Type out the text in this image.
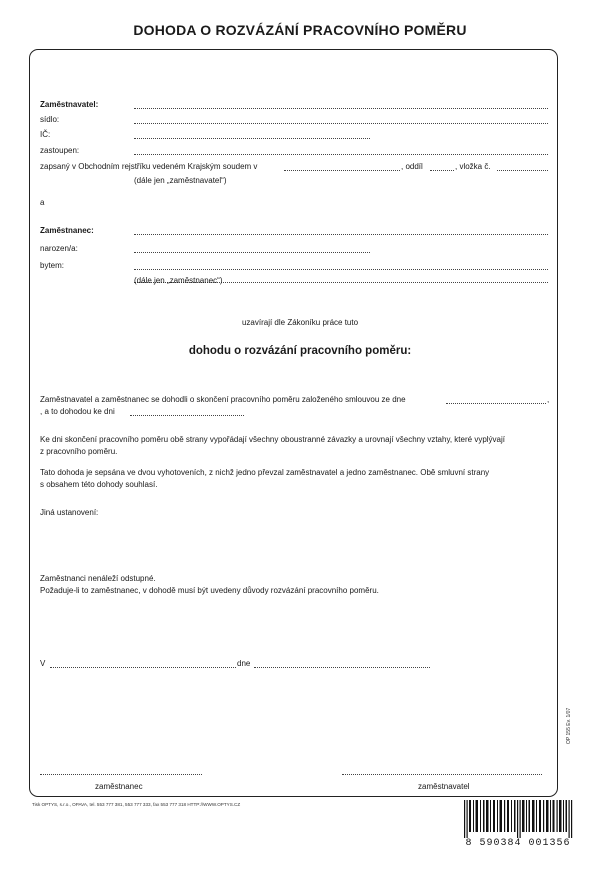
DOHODA O ROZVÁZÁNÍ PRACOVNÍHO POMĚRU
Zaměstnavatel:
sídlo:
IČ:
zastoupen:
zapsaný v Obchodním rejstříku vedeném Krajským soudem v	, oddíl	, vložka č.
(dále jen „zaměstnavatel“)
a
Zaměstnanec:
narozen/a:
bytem:
(dále jen „zaměstnanec“)
uzavírají dle Zákoníku práce tuto
dohodu o rozvázání pracovního poměru:
Zaměstnavatel a zaměstnanec se dohodli o skončení pracovního poměru založeného smlouvou ze dne	,
, a to dohodou ke dni
Ke dni skončení pracovního poměru obě strany vypořádají všechny oboustranné závazky a urovnají všechny vztahy, které vyplývají
z pracovního poměru.
Tato dohoda je sepsána ve dvou vyhotoveních, z nichž jedno převzal zaměstnavatel a jedno zaměstnanec. Obě smluvní strany
s obsahem této dohody souhlasí.
Jiná ustanovení:
Zaměstnanci nenáleží odstupné.
Požaduje-li to zaměstnanec, v dohodě musí být uvedeny důvody rozvázání pracovního poměru.
V	dne
zaměstnanec	zaměstnavatel
Tisk OPTYS, s.r.o., OPAVA, tel. 553 777 381, 553 777 333, fax 553 777 318 HTTP://WWW.OPTYS.CZ
OP 155 Ev. 1/07
8 590384 001356
